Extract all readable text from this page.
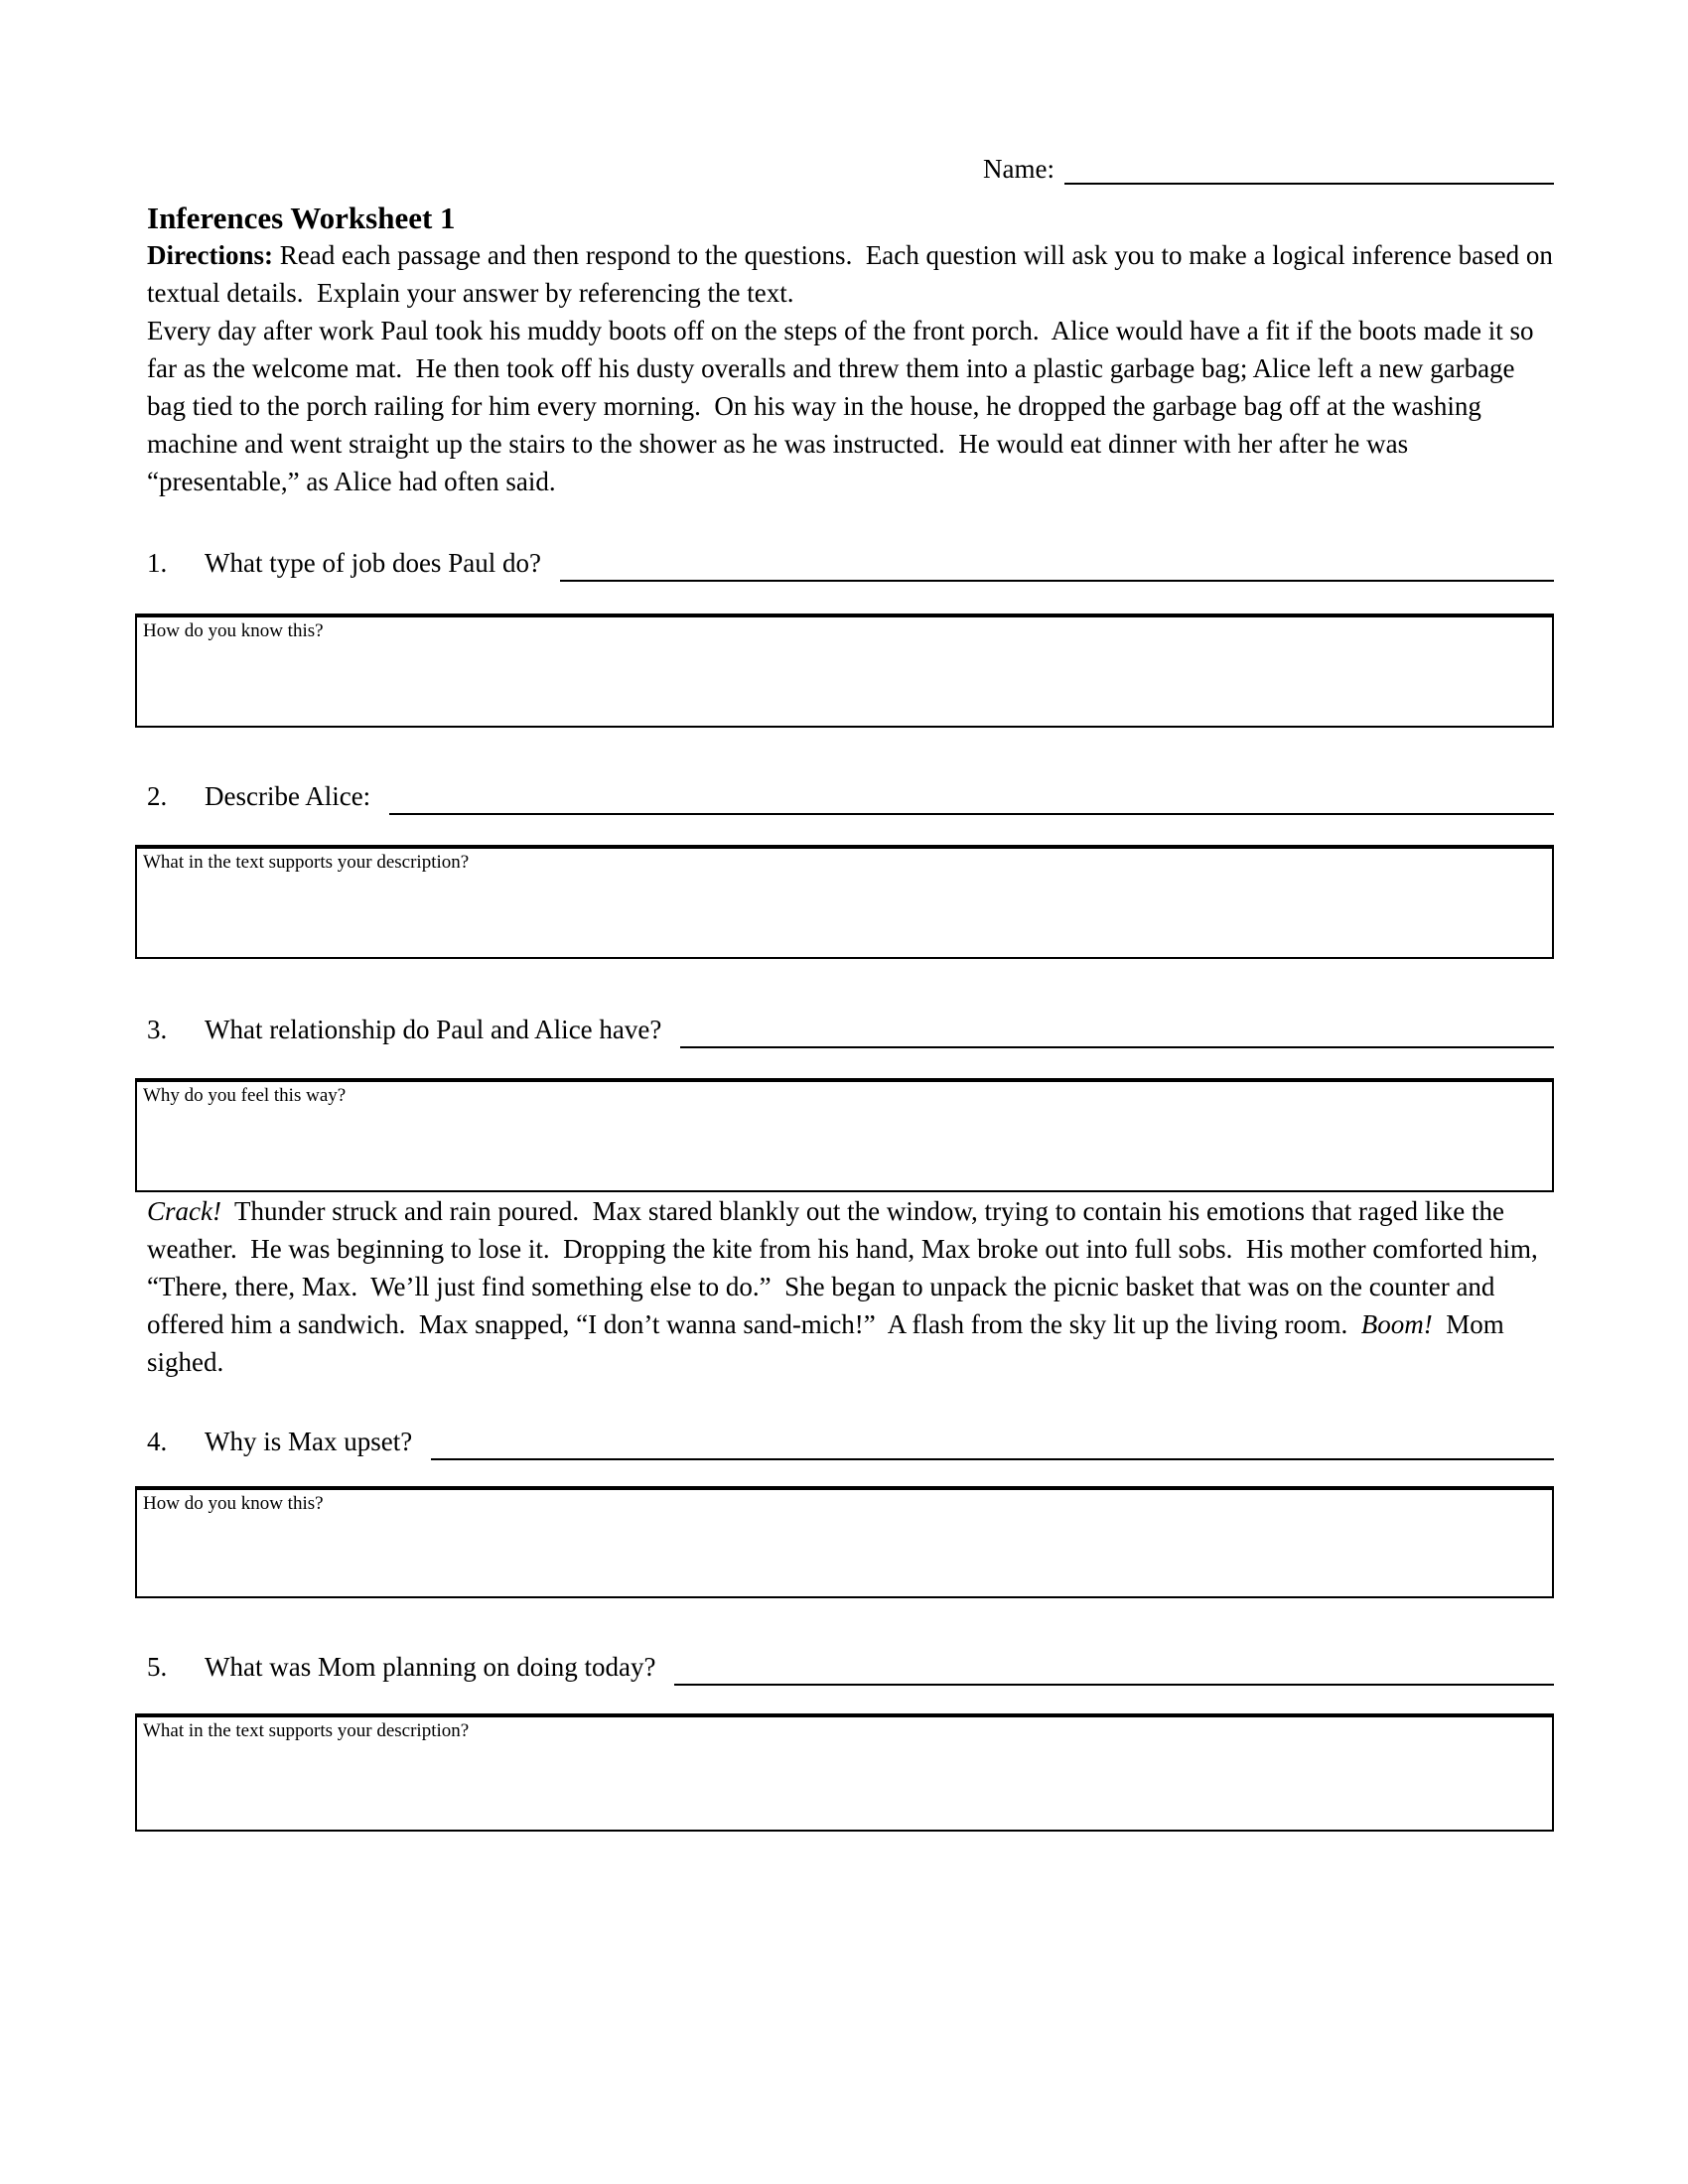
Name:
Inferences Worksheet 1

Directions: Read each passage and then respond to the questions.  Each question will ask you to make a logical inference based on textual details.  Explain your answer by referencing the text.

Every day after work Paul took his muddy boots off on the steps of the front porch.  Alice would have a fit if the boots made it so far as the welcome mat.  He then took off his dusty overalls and threw them into a plastic garbage bag; Alice left a new garbage bag tied to the porch railing for him every morning.  On his way in the house, he dropped the garbage bag off at the washing machine and went straight up the stairs to the shower as he was instructed.  He would eat dinner with her after he was “presentable,” as Alice had often said.

1.	What type of job does Paul do?
How do you know this?
2.	Describe Alice:
What in the text supports your description?
3.	What relationship do Paul and Alice have?
Why do you feel this way?

Crack!  Thunder struck and rain poured.  Max stared blankly out the window, trying to contain his emotions that raged like the weather.  He was beginning to lose it.  Dropping the kite from his hand, Max broke out into full sobs.  His mother comforted him, “There, there, Max.  We’ll just find something else to do.”  She began to unpack the picnic basket that was on the counter and offered him a sandwich.  Max snapped, “I don’t wanna sand-mich!”  A flash from the sky lit up the living room.  Boom!  Mom sighed.

4.	Why is Max upset?
How do you know this?
5.	What was Mom planning on doing today?
What in the text supports your description?
